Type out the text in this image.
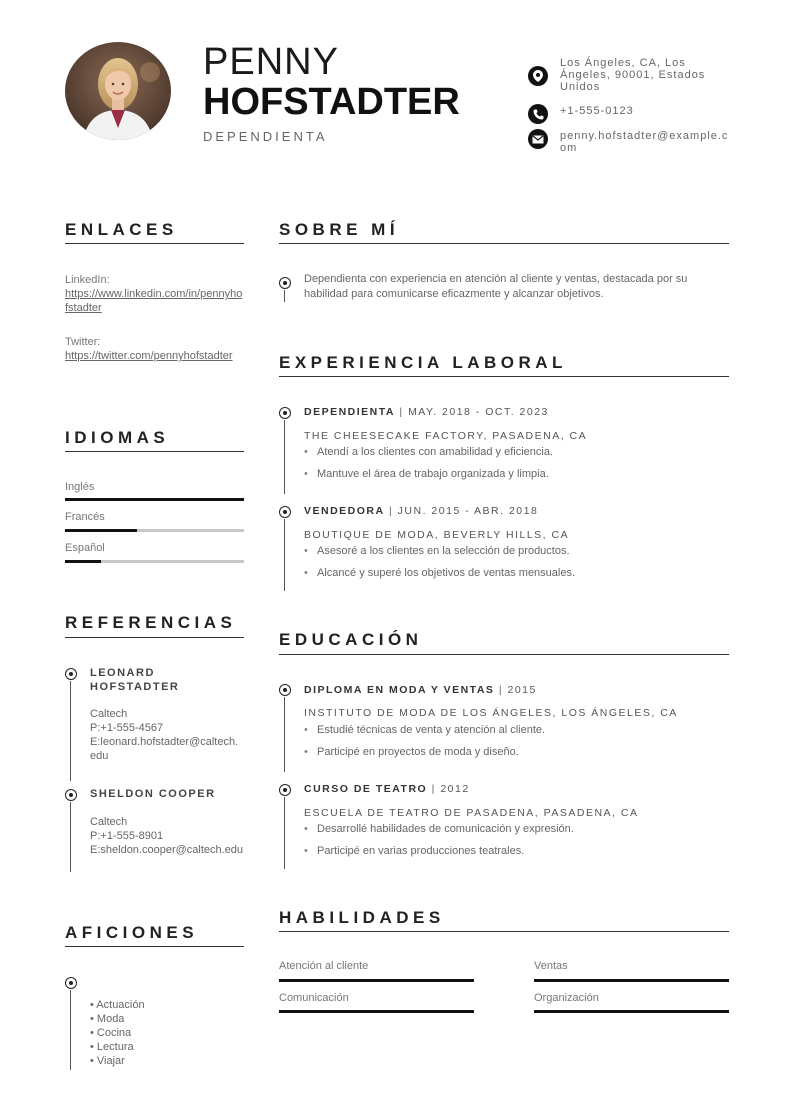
PENNY
HOFSTADTER
DEPENDIENTA
Los Ángeles, CA, Los Ángeles, 90001, Estados Unidos
+1-555-0123
penny.hofstadter@example.com
ENLACES
LinkedIn:
https://www.linkedin.com/in/pennyhofstadter
Twitter:
https://twitter.com/pennyhofstadter
IDIOMAS
Inglés
Francés
Español
REFERENCIAS
LEONARD HOFSTADTER
Caltech
P:+1-555-4567
E:leonard.hofstadter@caltech.edu
SHELDON COOPER
Caltech
P:+1-555-8901
E:sheldon.cooper@caltech.edu
AFICIONES
• Actuación
• Moda
• Cocina
• Lectura
• Viajar
SOBRE MÍ
Dependienta con experiencia en atención al cliente y ventas, destacada por su habilidad para comunicarse eficazmente y alcanzar objetivos.
EXPERIENCIA LABORAL
DEPENDIENTA | MAY. 2018 - OCT. 2023
THE CHEESECAKE FACTORY, PASADENA, CA
• Atendí a los clientes con amabilidad y eficiencia.
• Mantuve el área de trabajo organizada y limpia.
VENDEDORA | JUN. 2015 - ABR. 2018
BOUTIQUE DE MODA, BEVERLY HILLS, CA
• Asesoré a los clientes en la selección de productos.
• Alcancé y superé los objetivos de ventas mensuales.
EDUCACIÓN
DIPLOMA EN MODA Y VENTAS | 2015
INSTITUTO DE MODA DE LOS ÁNGELES, LOS ÁNGELES, CA
• Estudié técnicas de venta y atención al cliente.
• Participé en proyectos de moda y diseño.
CURSO DE TEATRO | 2012
ESCUELA DE TEATRO DE PASADENA, PASADENA, CA
• Desarrollé habilidades de comunicación y expresión.
• Participé en varias producciones teatrales.
HABILIDADES
Atención al cliente	Ventas
Comunicación	Organización
